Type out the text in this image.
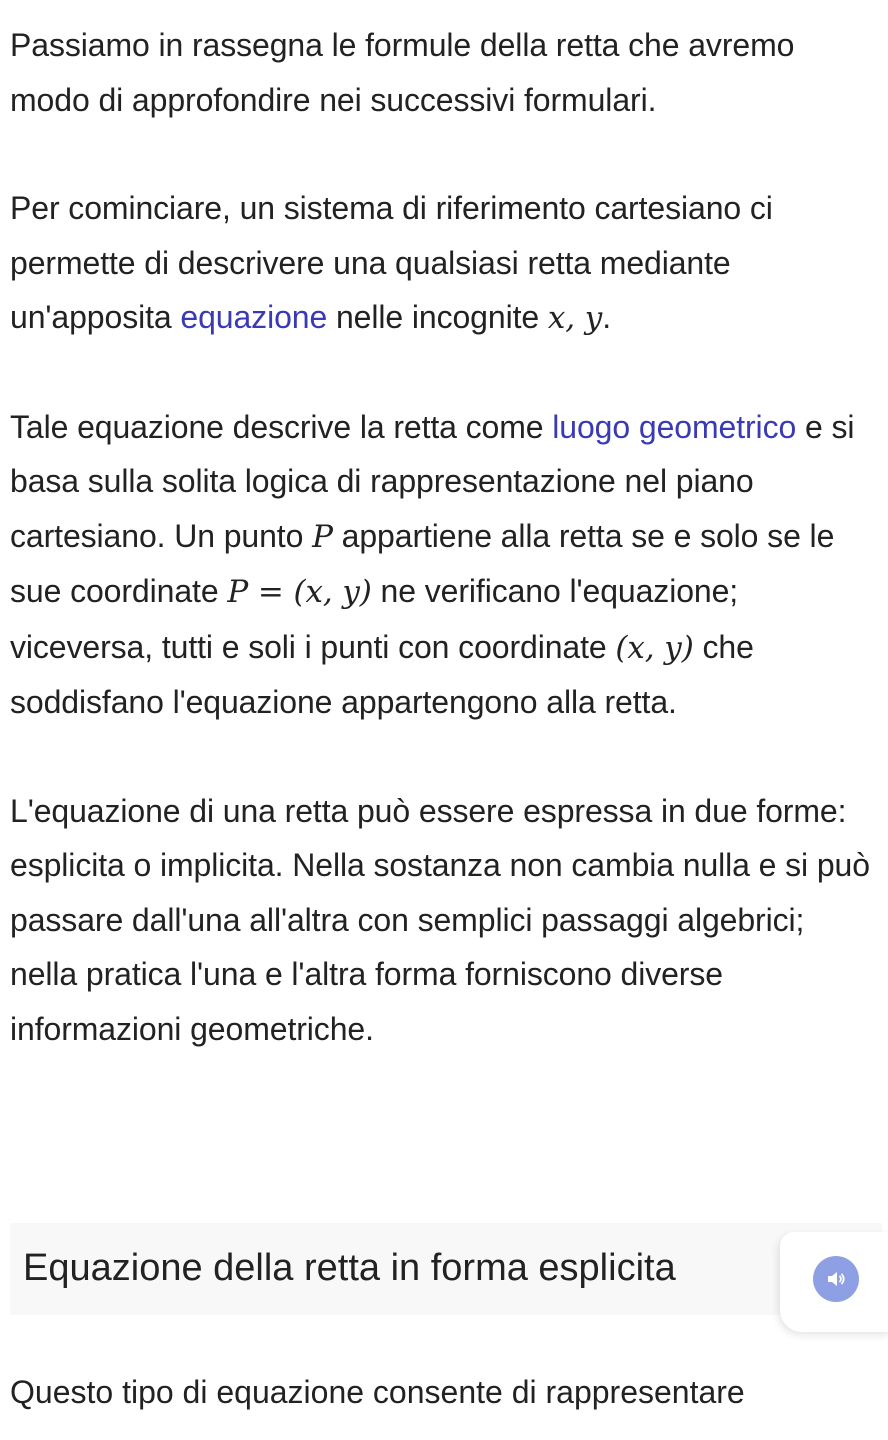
Passiamo in rassegna le formule della retta che avremo modo di approfondire nei successivi formulari.

Per cominciare, un sistema di riferimento cartesiano ci permette di descrivere una qualsiasi retta mediante un'apposita equazione nelle incognite x, y.

Tale equazione descrive la retta come luogo geometrico e si basa sulla solita logica di rappresentazione nel piano cartesiano. Un punto P appartiene alla retta se e solo se le sue coordinate P = (x, y) ne verificano l'equazione; viceversa, tutti e soli i punti con coordinate (x, y) che soddisfano l'equazione appartengono alla retta.

L'equazione di una retta può essere espressa in due forme: esplicita o implicita. Nella sostanza non cambia nulla e si può passare dall'una all'altra con semplici passaggi algebrici; nella pratica l'una e l'altra forma forniscono diverse informazioni geometriche.

Equazione della retta in forma esplicita

Questo tipo di equazione consente di rappresentare
